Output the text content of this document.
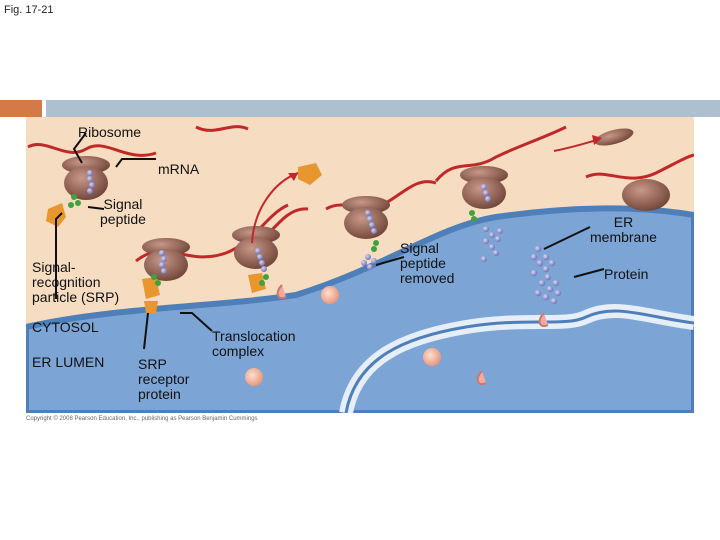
Fig. 17-21
Ribosome
mRNA
Signal
peptide
Signal-
recognition
particle (SRP)
CYTOSOL
ER LUMEN SRP
receptor
protein
Translocation
complex
Signal
peptide
removed
ER
membrane
Protein
Copyright © 2008 Pearson Education, Inc., publishing as Pearson Benjamin Cummings
